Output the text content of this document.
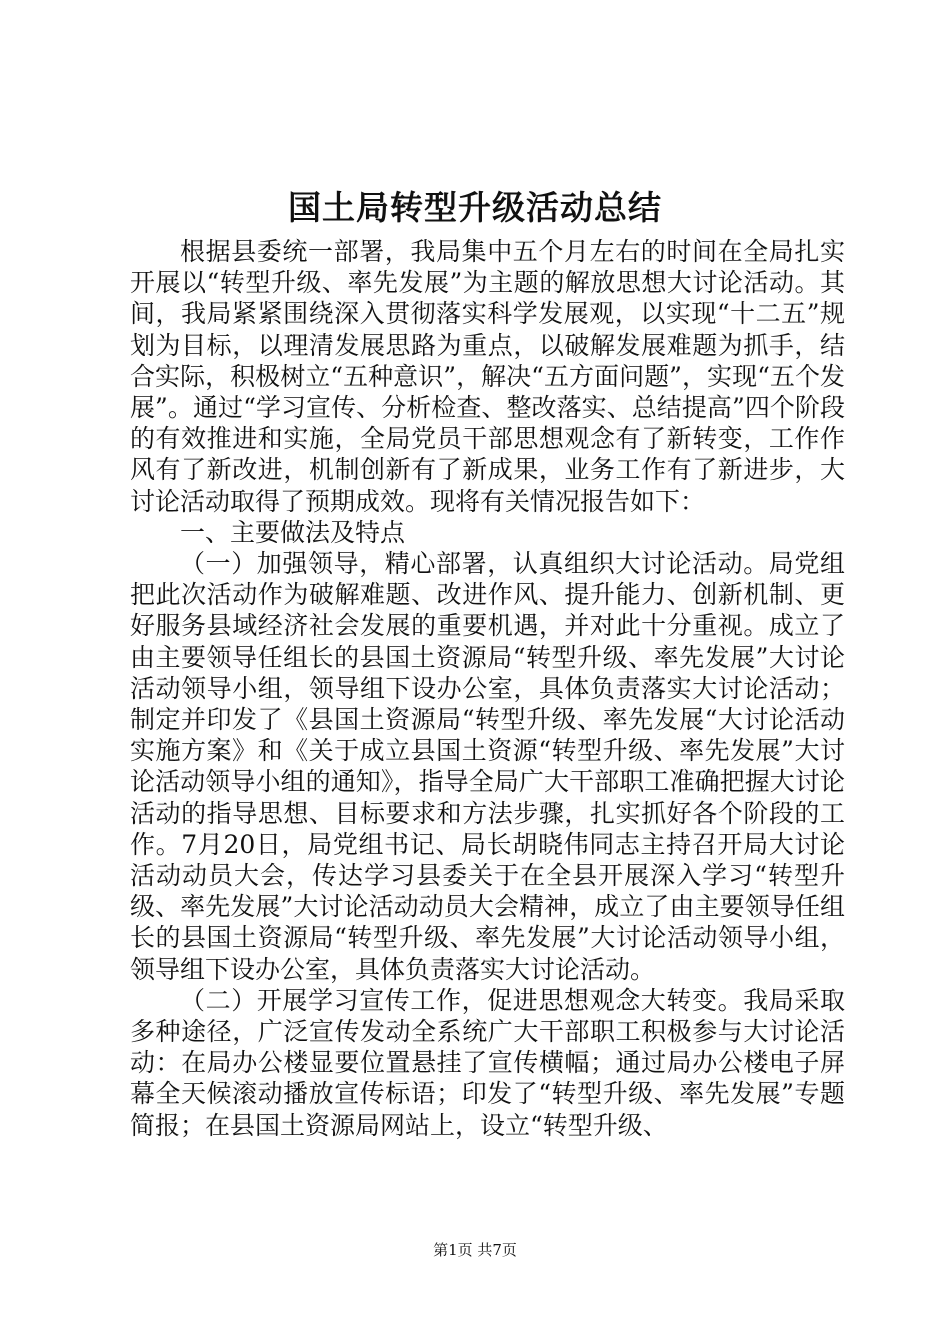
国土局转型升级活动总结

根据县委统一部署，我局集中五个月左右的时间在全局扎实开展以“转型升级、率先发展”为主题的解放思想大讨论活动。其间，我局紧紧围绕深入贯彻落实科学发展观，以实现“十二五”规划为目标，以理清发展思路为重点，以破解发展难题为抓手，结合实际，积极树立“五种意识”，解决“五方面问题”，实现“五个发展”。通过“学习宣传、分析检查、整改落实、总结提高”四个阶段的有效推进和实施，全局党员干部思想观念有了新转变，工作作风有了新改进，机制创新有了新成果，业务工作有了新进步，大讨论活动取得了预期成效。现将有关情况报告如下：

一、主要做法及特点

（一）加强领导，精心部署，认真组织大讨论活动。局党组把此次活动作为破解难题、改进作风、提升能力、创新机制、更好服务县域经济社会发展的重要机遇，并对此十分重视。成立了由主要领导任组长的县国土资源局“转型升级、率先发展”大讨论活动领导小组，领导组下设办公室，具体负责落实大讨论活动；制定并印发了《县国土资源局“转型升级、率先发展“大讨论活动实施方案》和《关于成立县国土资源“转型升级、率先发展”大讨论活动领导小组的通知》，指导全局广大干部职工准确把握大讨论活动的指导思想、目标要求和方法步骤，扎实抓好各个阶段的工作。7月20日，局党组书记、局长胡晓伟同志主持召开局大讨论活动动员大会，传达学习县委关于在全县开展深入学习“转型升级、率先发展”大讨论活动动员大会精神，成立了由主要领导任组长的县国土资源局“转型升级、率先发展”大讨论活动领导小组，领导组下设办公室，具体负责落实大讨论活动。

（二）开展学习宣传工作，促进思想观念大转变。我局采取多种途径，广泛宣传发动全系统广大干部职工积极参与大讨论活动：在局办公楼显要位置悬挂了宣传横幅；通过局办公楼电子屏幕全天候滚动播放宣传标语；印发了“转型升级、率先发展”专题简报；在县国土资源局网站上，设立“转型升级、

第1页 共7页
